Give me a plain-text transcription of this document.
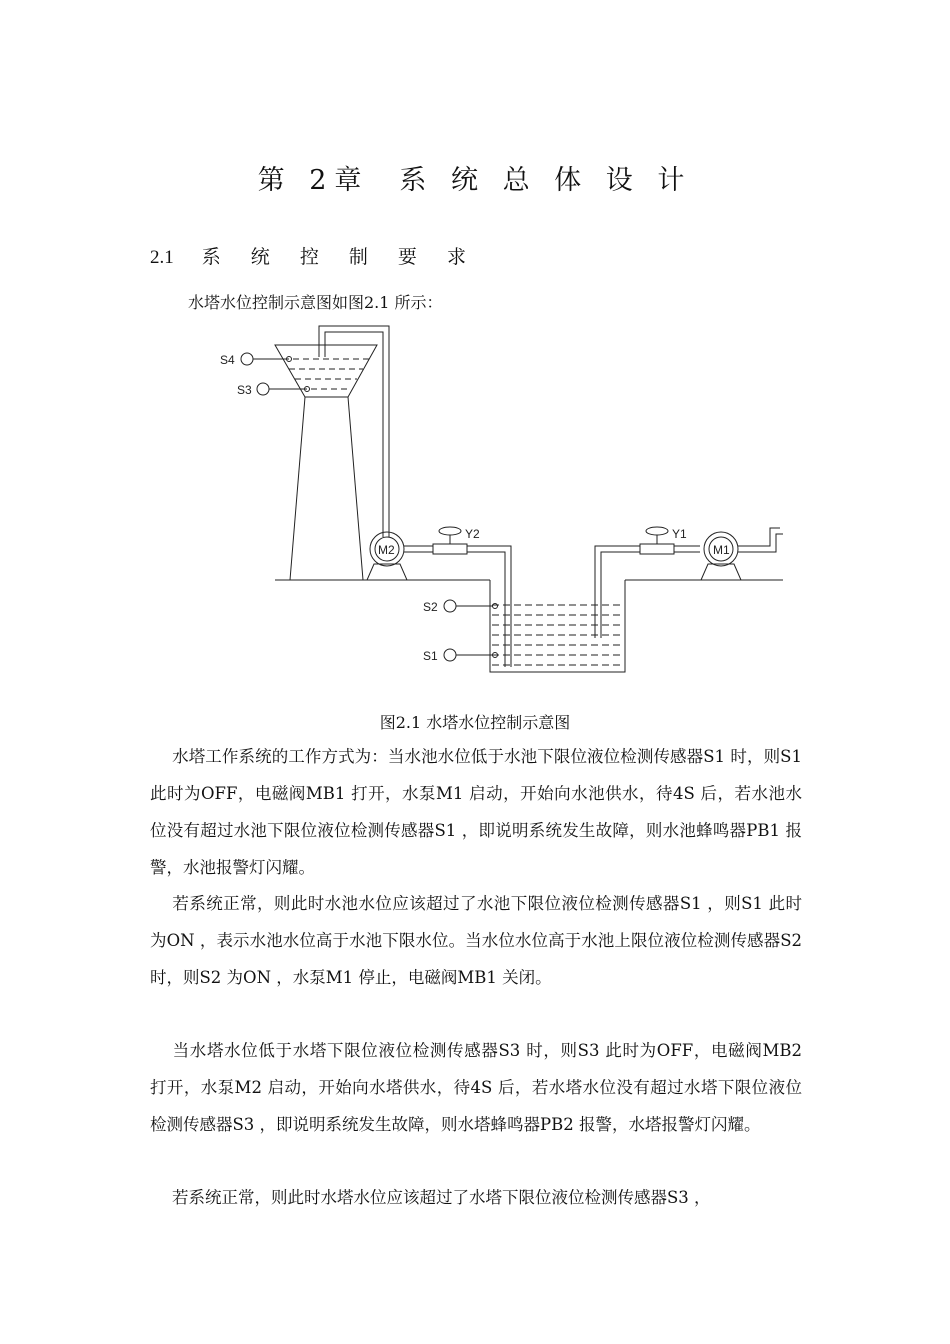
第 2章 系 统 总 体 设 计
2.1 系 统 控 制 要 求
水塔水位控制示意图如图2.1 所示：
M2
Y2	Y1
M1
S4
S3
S2
S1
图2.1 水塔水位控制示意图
水塔工作系统的工作方式为：当水池水位低于水池下限位液位检测传感器S1 时，则S1 此时为OFF，电磁阀MB1 打开，水泵M1 启动，开始向水池供水，待4S 后，若水池水位没有超过水池下限位液位检测传感器S1 ，即说明系统发生故障，则水池蜂鸣器PB1 报警，水池报警灯闪耀。
若系统正常，则此时水池水位应该超过了水池下限位液位检测传感器S1 ，则S1 此时为ON ，表示水池水位高于水池下限水位。当水位水位高于水池上限位液位检测传感器S2 时，则S2 为ON ，水泵M1 停止，电磁阀MB1 关闭。
当水塔水位低于水塔下限位液位检测传感器S3 时，则S3 此时为OFF，电磁阀MB2 打开，水泵M2 启动，开始向水塔供水，待4S 后，若水塔水位没有超过水塔下限位液位检测传感器S3 ，即说明系统发生故障，则水塔蜂鸣器PB2 报警，水塔报警灯闪耀。
若系统正常，则此时水塔水位应该超过了水塔下限位液位检测传感器S3 ，
